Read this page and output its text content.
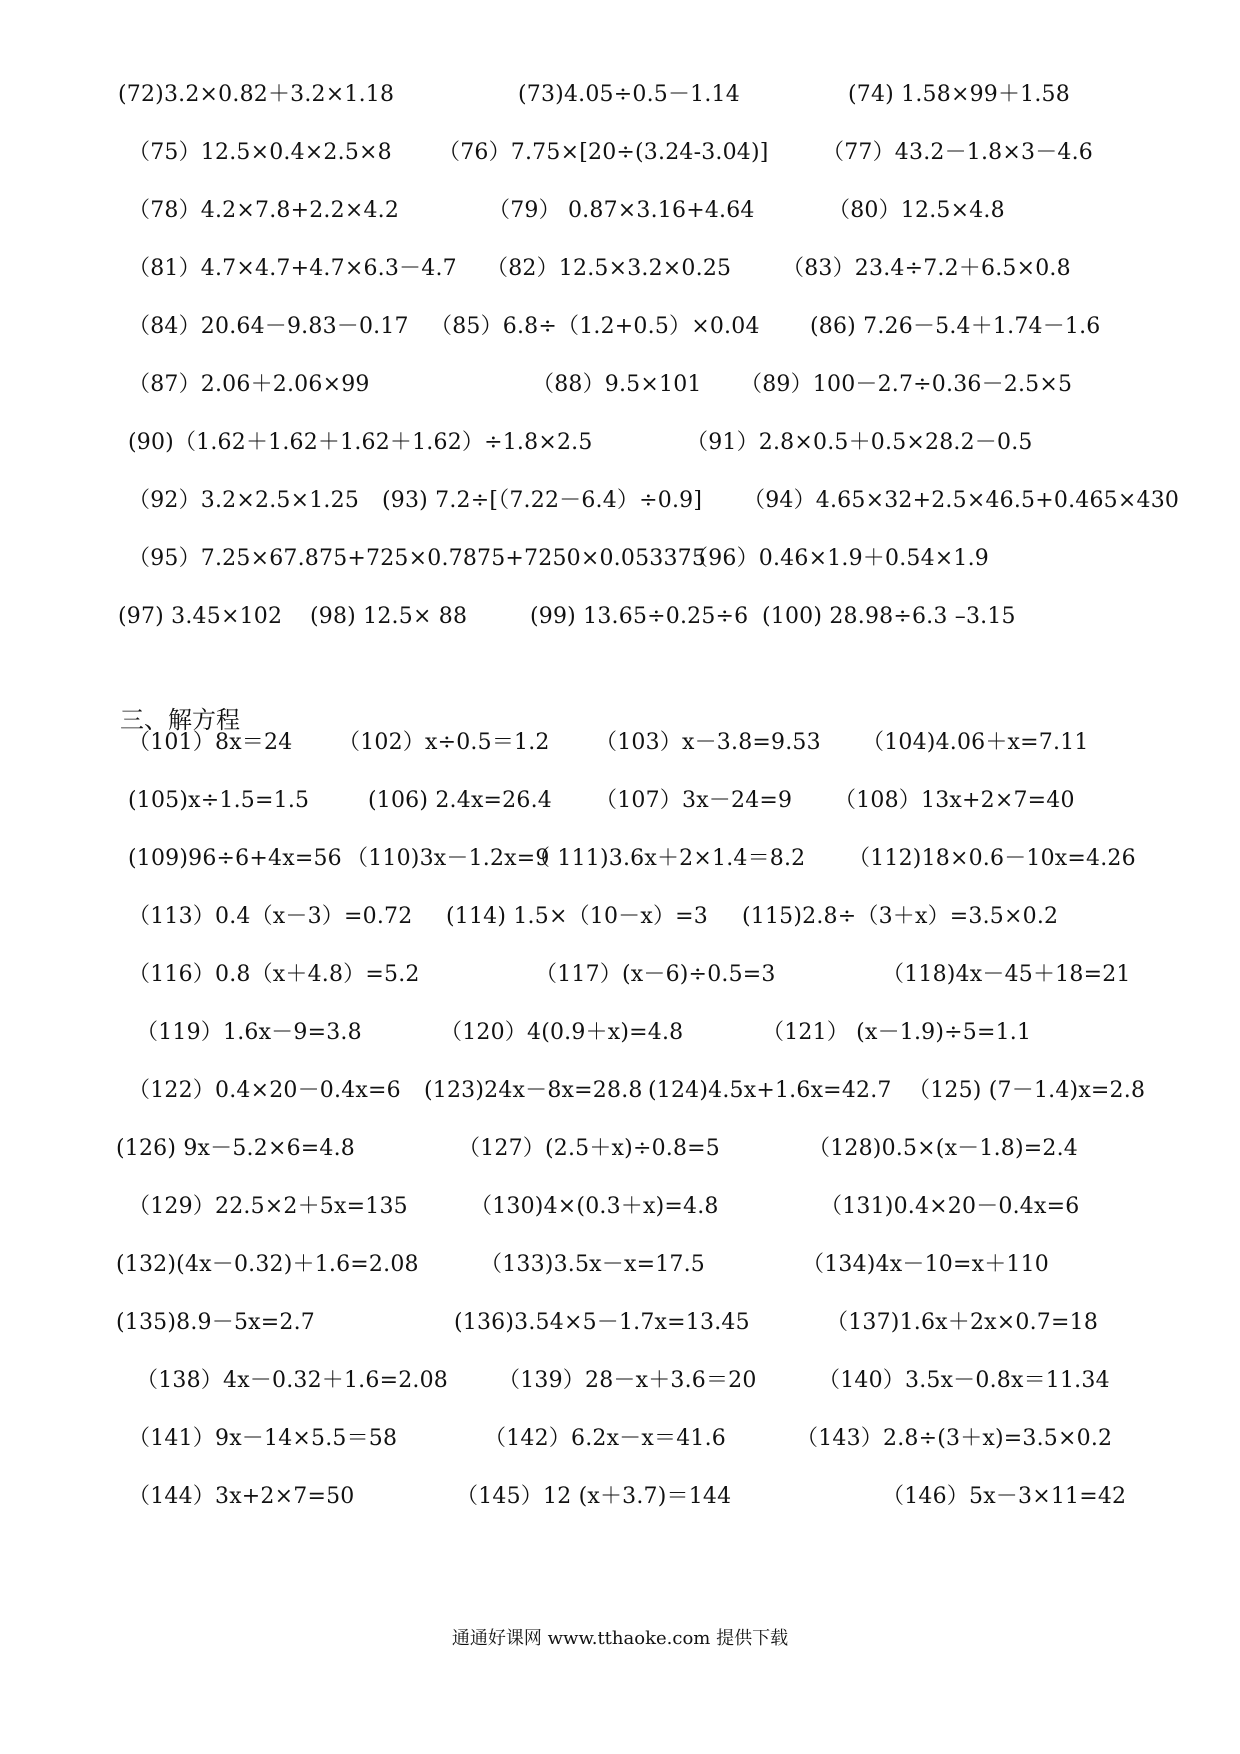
(72)3.2×0.82＋3.2×1.18	(73)4.05÷0.5－1.14	(74) 1.58×99＋1.58
（75）12.5×0.4×2.5×8 （76）7.75×[20÷(3.24-3.04)] （77）43.2－1.8×3－4.6
（78）4.2×7.8+2.2×4.2	（79） 0.87×3.16+4.64	（80）12.5×4.8
（81）4.7×4.7+4.7×6.3－4.7 （82）12.5×3.2×0.25 （83）23.4÷7.2＋6.5×0.8
（84）20.64－9.83－0.17 （85）6.8÷（1.2+0.5）×0.04 (86) 7.26－5.4＋1.74－1.6
（87）2.06＋2.06×99	（88）9.5×101 （89）100－2.7÷0.36－2.5×5
(90)（1.62＋1.62＋1.62＋1.62）÷1.8×2.5	（91）2.8×0.5＋0.5×28.2－0.5
（92）3.2×2.5×1.25 (93) 7.2÷[（7.22－6.4）÷0.9] （94）4.65×32+2.5×46.5+0.465×430
（95）7.25×67.875+725×0.7875+7250×0.053375
（96）0.46×1.9＋0.54×1.9
(97) 3.45×102 (98) 12.5× 88	(99) 13.65÷0.25÷6 (100) 28.98÷6.3 –3.15
三、解方程
（101）8x＝24 （102）x÷0.5＝1.2 （103）x－3.8=9.53 （104)4.06＋x=7.11
(105)x÷1.5=1.5	(106) 2.4x=26.4 （107）3x－24=9 （108）13x+2×7=40
(109)96÷6+4x=56 （110)3x－1.2x=9
（ 111)3.6x＋2×1.4＝8.2 （112)18×0.6－10x=4.26
（113）0.4（x－3）=0.72 (114) 1.5×（10－x）=3 (115)2.8÷（3＋x）=3.5×0.2
（116）0.8（x＋4.8）=5.2	（117）(x－6)÷0.5=3	（118)4x－45＋18=21
（119）1.6x－9=3.8	（120）4(0.9＋x)=4.8	（121） (x－1.9)÷5=1.1
（122）0.4×20－0.4x=6 (123)24x－8x=28.8 (124)4.5x+1.6x=42.7 （125) (7－1.4)x=2.8
(126) 9x－5.2×6=4.8	（127）(2.5＋x)÷0.8=5	（128)0.5×(x－1.8)=2.4
（129）22.5×2＋5x=135	（130)4×(0.3＋x)=4.8	（131)0.4×20－0.4x=6
(132)(4x－0.32)＋1.6=2.08	（133)3.5x－x=17.5	（134)4x－10=x＋110
(135)8.9－5x=2.7	(136)3.54×5－1.7x=13.45	（137)1.6x＋2x×0.7=18
（138）4x－0.32＋1.6=2.08 （139）28－x＋3.6＝20	（140）3.5x－0.8x＝11.34
（141）9x－14×5.5＝58	（142）6.2x－x＝41.6	（143）2.8÷(3＋x)=3.5×0.2
（144）3x+2×7=50	（145）12 (x＋3.7)＝144	（146）5x－3×11=42
通通好课网 www.tthaoke.com 提供下载
